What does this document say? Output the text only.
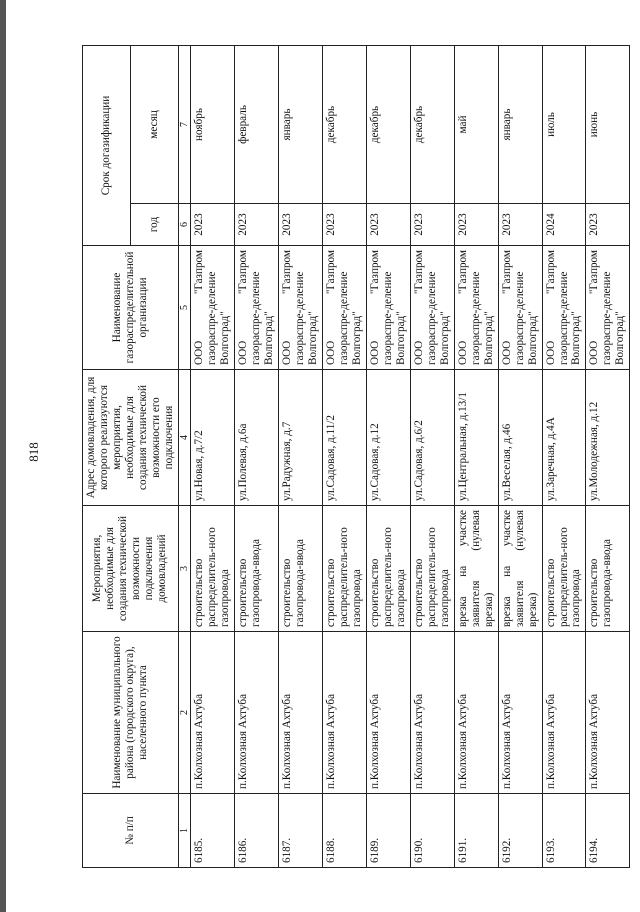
818
№ п/п	Наименование муниципального района (городского округа), населенного пункта	Мероприятия, необходимые для создания технической возможности подключения домовладений	Адрес домовладения, для которого реализуются мероприятия, необходимые для создания технической возможности его подключения	Наименование газораспределительной организации	Срок догазификации	
					год	месяц
1	2	3	4	5	6	7
6185.	п.Колхозная Ахтуба	строительство распределитель-ного газопровода	ул.Новая, д.7/2	ООО "Газпром газораспре-деление Волгоград"	2023	ноябрь
6186.	п.Колхозная Ахтуба	строительство газопровода-ввода	ул.Полевая, д.6а	ООО "Газпром газораспре-деление Волгоград"	2023	февраль
6187.	п.Колхозная Ахтуба	строительство газопровода-ввода	ул.Радужная, д.7	ООО "Газпром газораспре-деление Волгоград"	2023	январь
6188.	п.Колхозная Ахтуба	строительство распределитель-ного газопровода	ул.Садовая, д.11/2	ООО "Газпром газораспре-деление Волгоград"	2023	декабрь
6189.	п.Колхозная Ахтуба	строительство распределитель-ного газопровода	ул.Садовая, д.12	ООО "Газпром газораспре-деление Волгоград"	2023	декабрь
6190.	п.Колхозная Ахтуба	строительство распределитель-ного газопровода	ул.Садовая, д.6/2	ООО "Газпром газораспре-деление Волгоград"	2023	декабрь
6191.	п.Колхозная Ахтуба	врезка на участке заявителя (нулевая врезка)	ул.Центральная, д.13/1	ООО "Газпром газораспре-деление Волгоград"	2023	май
6192.	п.Колхозная Ахтуба	врезка на участке заявителя (нулевая врезка)	ул.Веселая, д.46	ООО "Газпром газораспре-деление Волгоград"	2023	январь
6193.	п.Колхозная Ахтуба	строительство распределитель-ного газопровода	ул.Заречная, д.4А	ООО "Газпром газораспре-деление Волгоград"	2024	июль
6194.	п.Колхозная Ахтуба	строительство газопровода-ввода	ул.Молодежная, д.12	ООО "Газпром газораспре-деление Волгоград"	2023	июнь
